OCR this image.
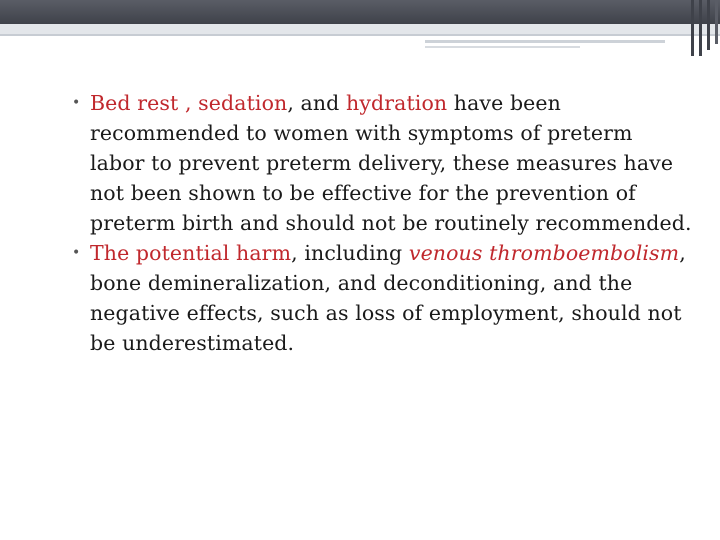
• Bed rest , sedation, and hydration have been recommended to women with symptoms of preterm labor to prevent preterm delivery, these measures have not been shown to be effective for the prevention of preterm birth and should not be routinely recommended.
• The potential harm, including venous thromboembolism, bone demineralization, and deconditioning, and the negative effects, such as loss of employment, should not be underestimated.
